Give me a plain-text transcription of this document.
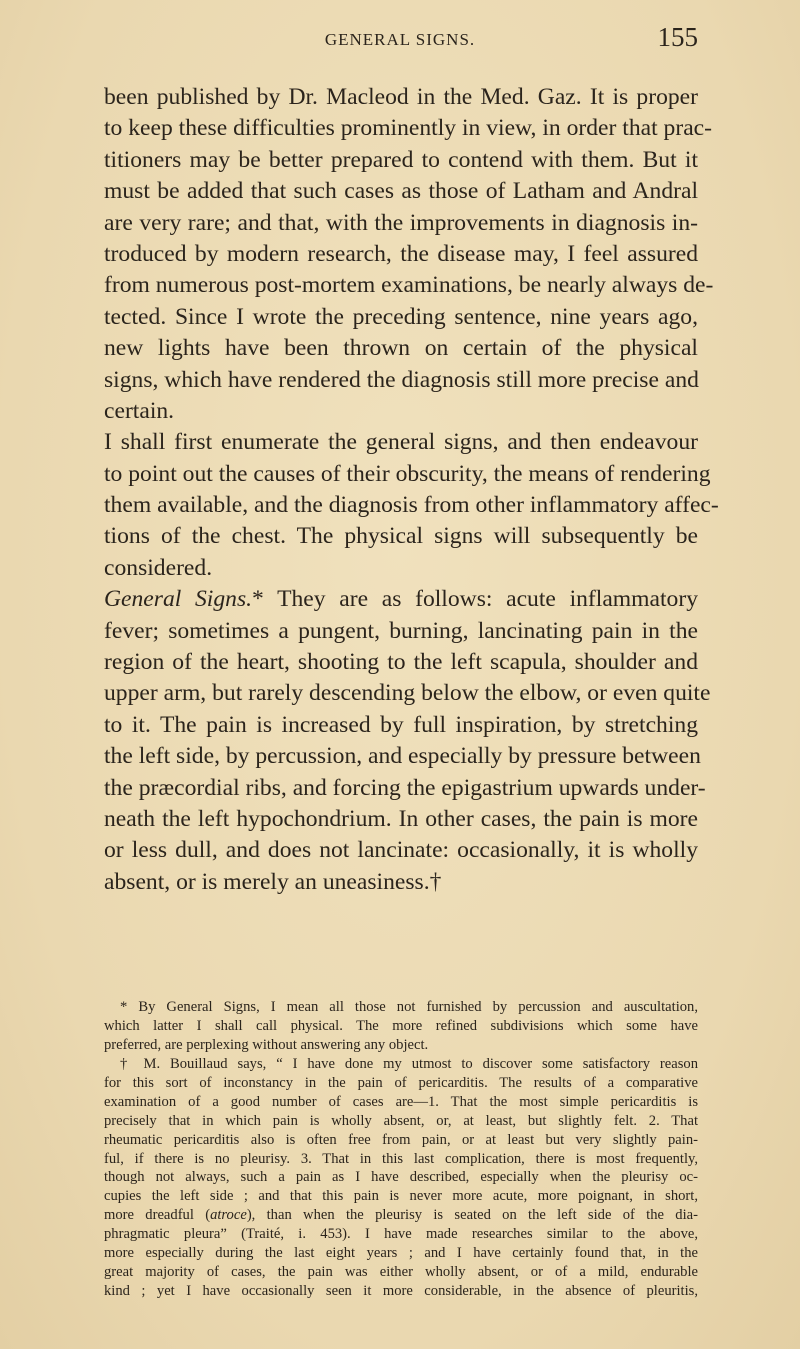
GENERAL SIGNS.	155
been published by Dr. Macleod in the Med. Gaz. It is proper
to keep these difficulties prominently in view, in order that prac-
titioners may be better prepared to contend with them. But it
must be added that such cases as those of Latham and Andral
are very rare; and that, with the improvements in diagnosis in-
troduced by modern research, the disease may, I feel assured
from numerous post-mortem examinations, be nearly always de-
tected. Since I wrote the preceding sentence, nine years ago,
new lights have been thrown on certain of the physical
signs, which have rendered the diagnosis still more precise and
certain.
I shall first enumerate the general signs, and then endeavour
to point out the causes of their obscurity, the means of rendering
them available, and the diagnosis from other inflammatory affec-
tions of the chest. The physical signs will subsequently be
considered.
General Signs.* They are as follows: acute inflammatory
fever; sometimes a pungent, burning, lancinating pain in the
region of the heart, shooting to the left scapula, shoulder and
upper arm, but rarely descending below the elbow, or even quite
to it. The pain is increased by full inspiration, by stretching
the left side, by percussion, and especially by pressure between
the præcordial ribs, and forcing the epigastrium upwards under-
neath the left hypochondrium. In other cases, the pain is more
or less dull, and does not lancinate: occasionally, it is wholly
absent, or is merely an uneasiness.†
* By General Signs, I mean all those not furnished by percussion and auscultation,
which latter I shall call physical. The more refined subdivisions which some have
preferred, are perplexing without answering any object.
† M. Bouillaud says, “ I have done my utmost to discover some satisfactory reason
for this sort of inconstancy in the pain of pericarditis. The results of a comparative
examination of a good number of cases are—1. That the most simple pericarditis is
precisely that in which pain is wholly absent, or, at least, but slightly felt. 2. That
rheumatic pericarditis also is often free from pain, or at least but very slightly pain-
ful, if there is no pleurisy. 3. That in this last complication, there is most frequently,
though not always, such a pain as I have described, especially when the pleurisy oc-
cupies the left side ; and that this pain is never more acute, more poignant, in short,
more dreadful (atroce), than when the pleurisy is seated on the left side of the dia-
phragmatic pleura” (Traité, i. 453). I have made researches similar to the above,
more especially during the last eight years ; and I have certainly found that, in the
great majority of cases, the pain was either wholly absent, or of a mild, endurable
kind ; yet I have occasionally seen it more considerable, in the absence of pleuritis,
